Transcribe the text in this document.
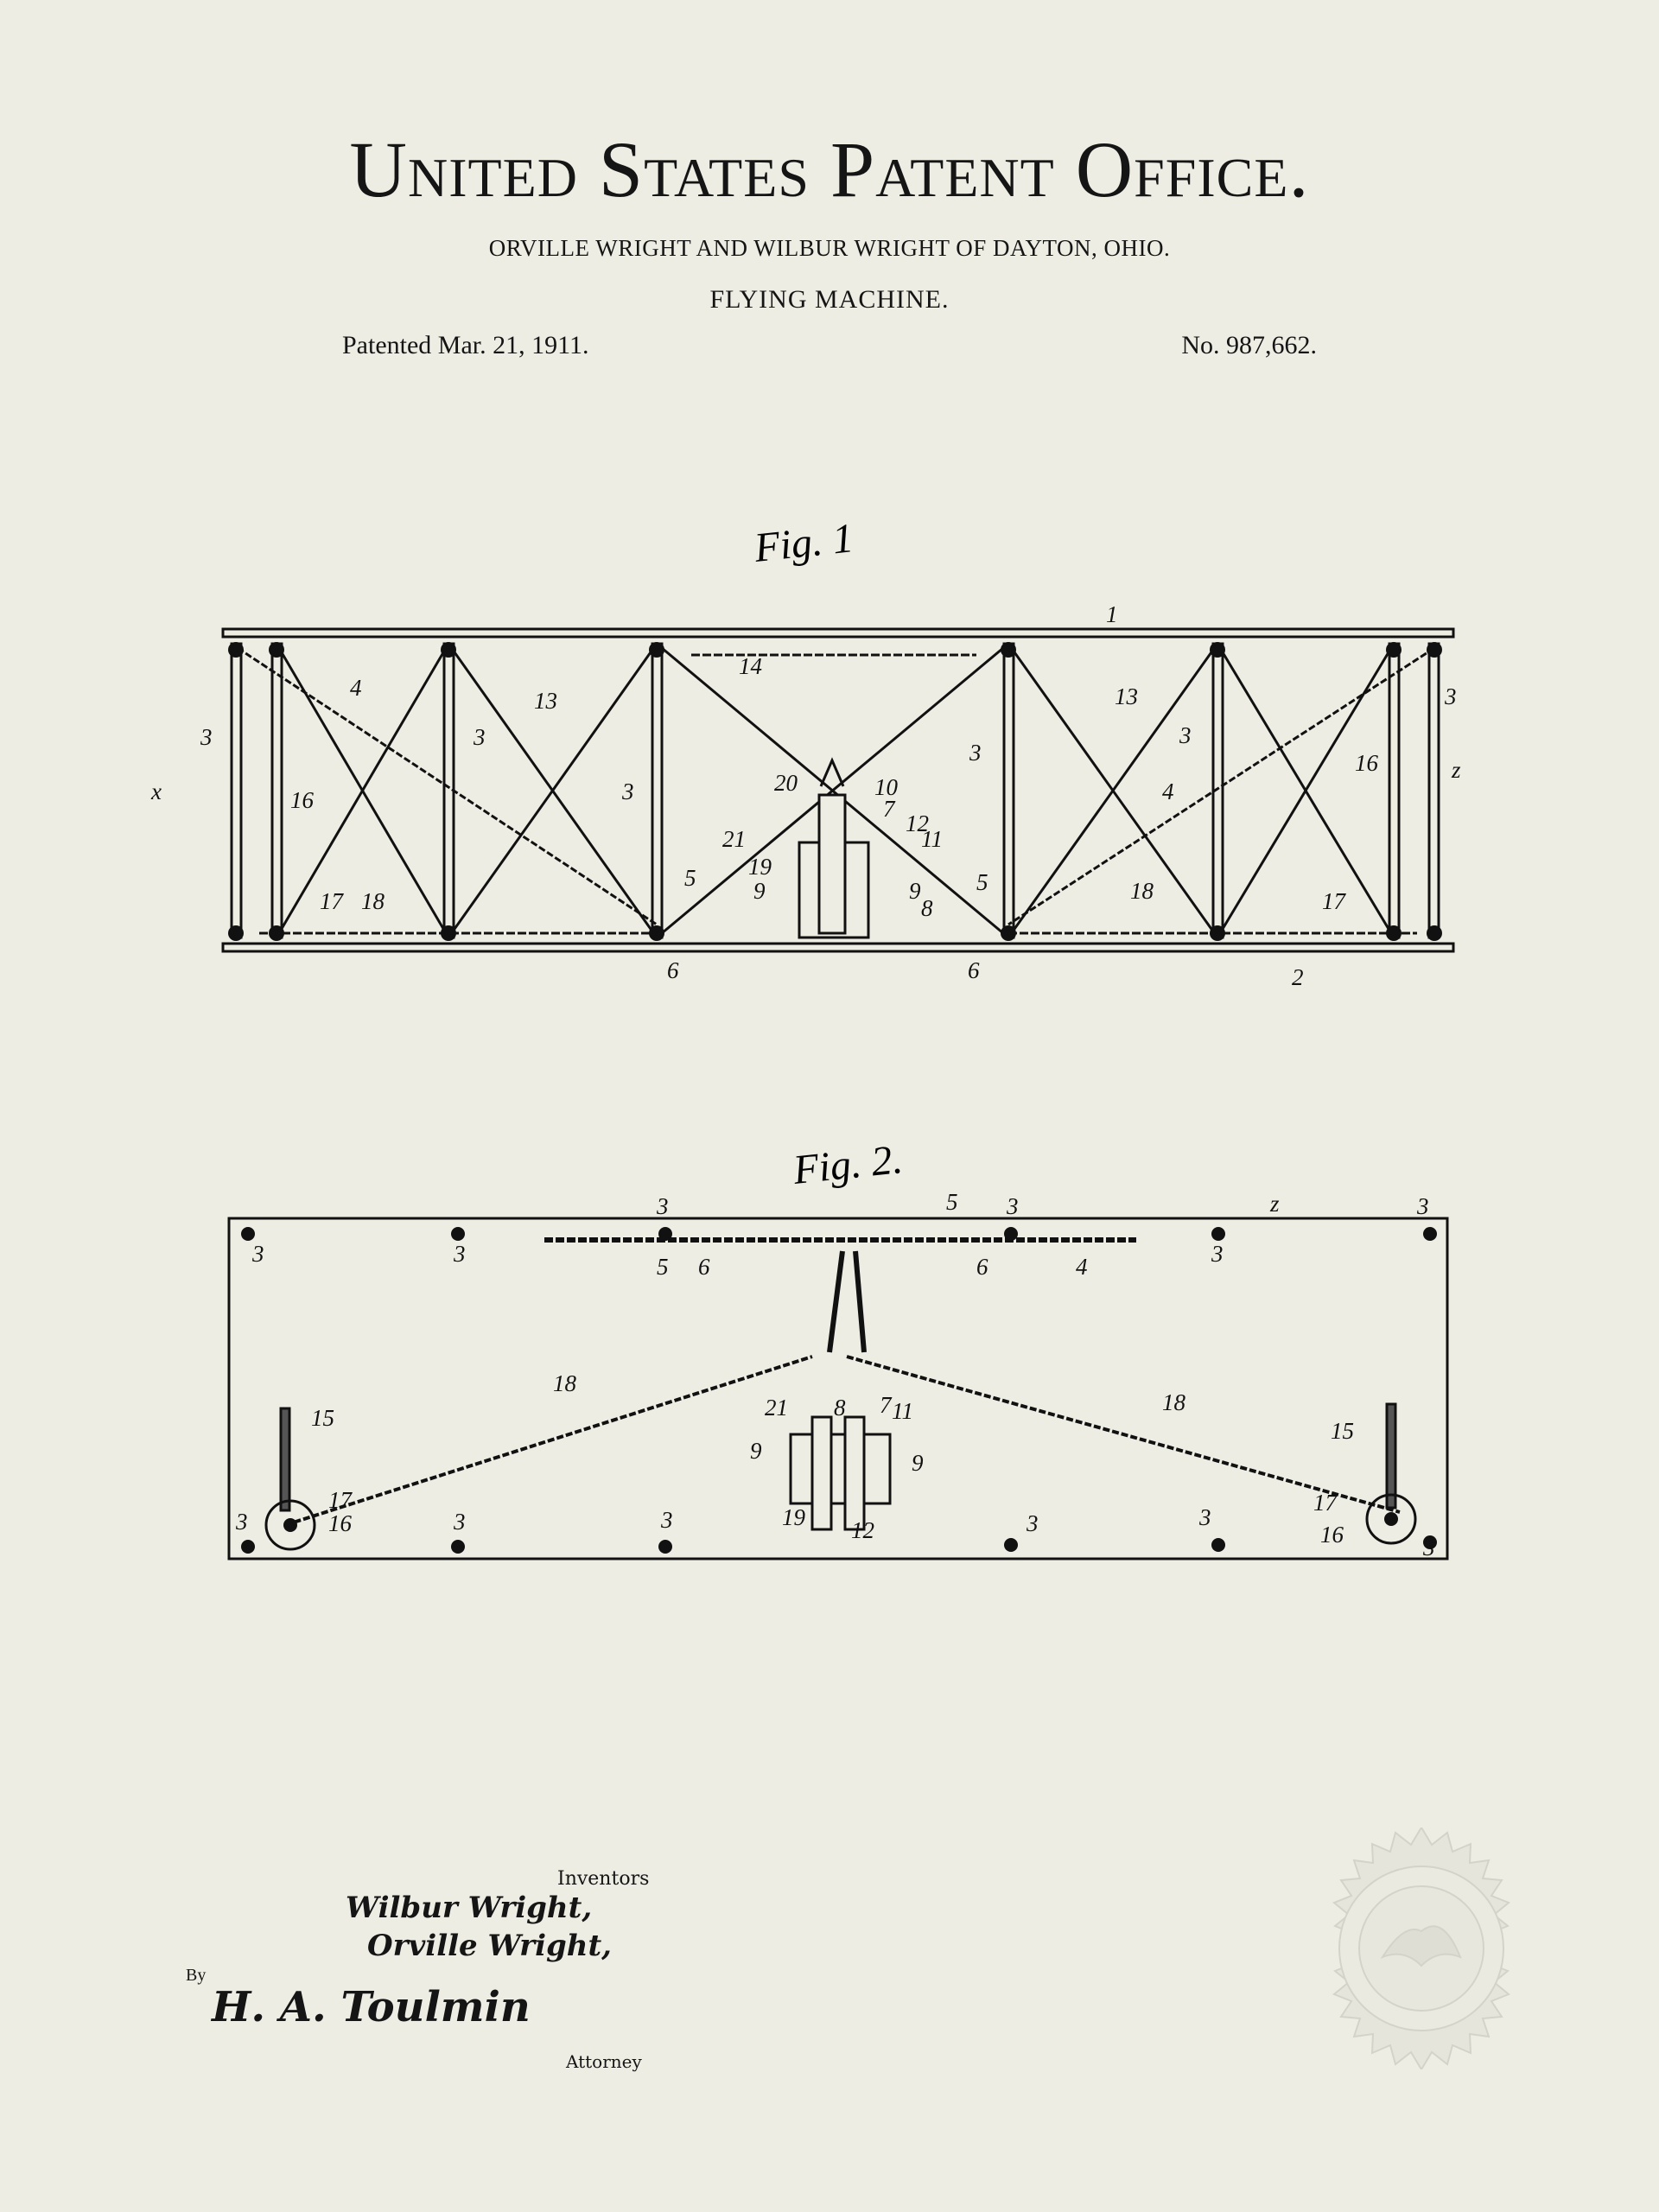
United States Patent Office.
ORVILLE WRIGHT AND WILBUR WRIGHT OF DAYTON, OHIO.
FLYING MACHINE.
Patented Mar. 21, 1911.	No. 987,662.
Fig. 1
1
2
3	3
3
3
3
3
4
4
5	5
6	6
7
8
9	9
10
11
12
13	13
14
16
16
17	17
18	18
19
20
21
x
z
Fig. 2.
3	3
3	3
3
3
3	3	3	3	3
3
4
5
5
6	6
7
8
9	9
11
12
15	15
16	16
17	17
18
18
19
21
z
Inventors
Wilbur Wright,
Orville Wright,
By
H. A. Toulmin
Attorney
